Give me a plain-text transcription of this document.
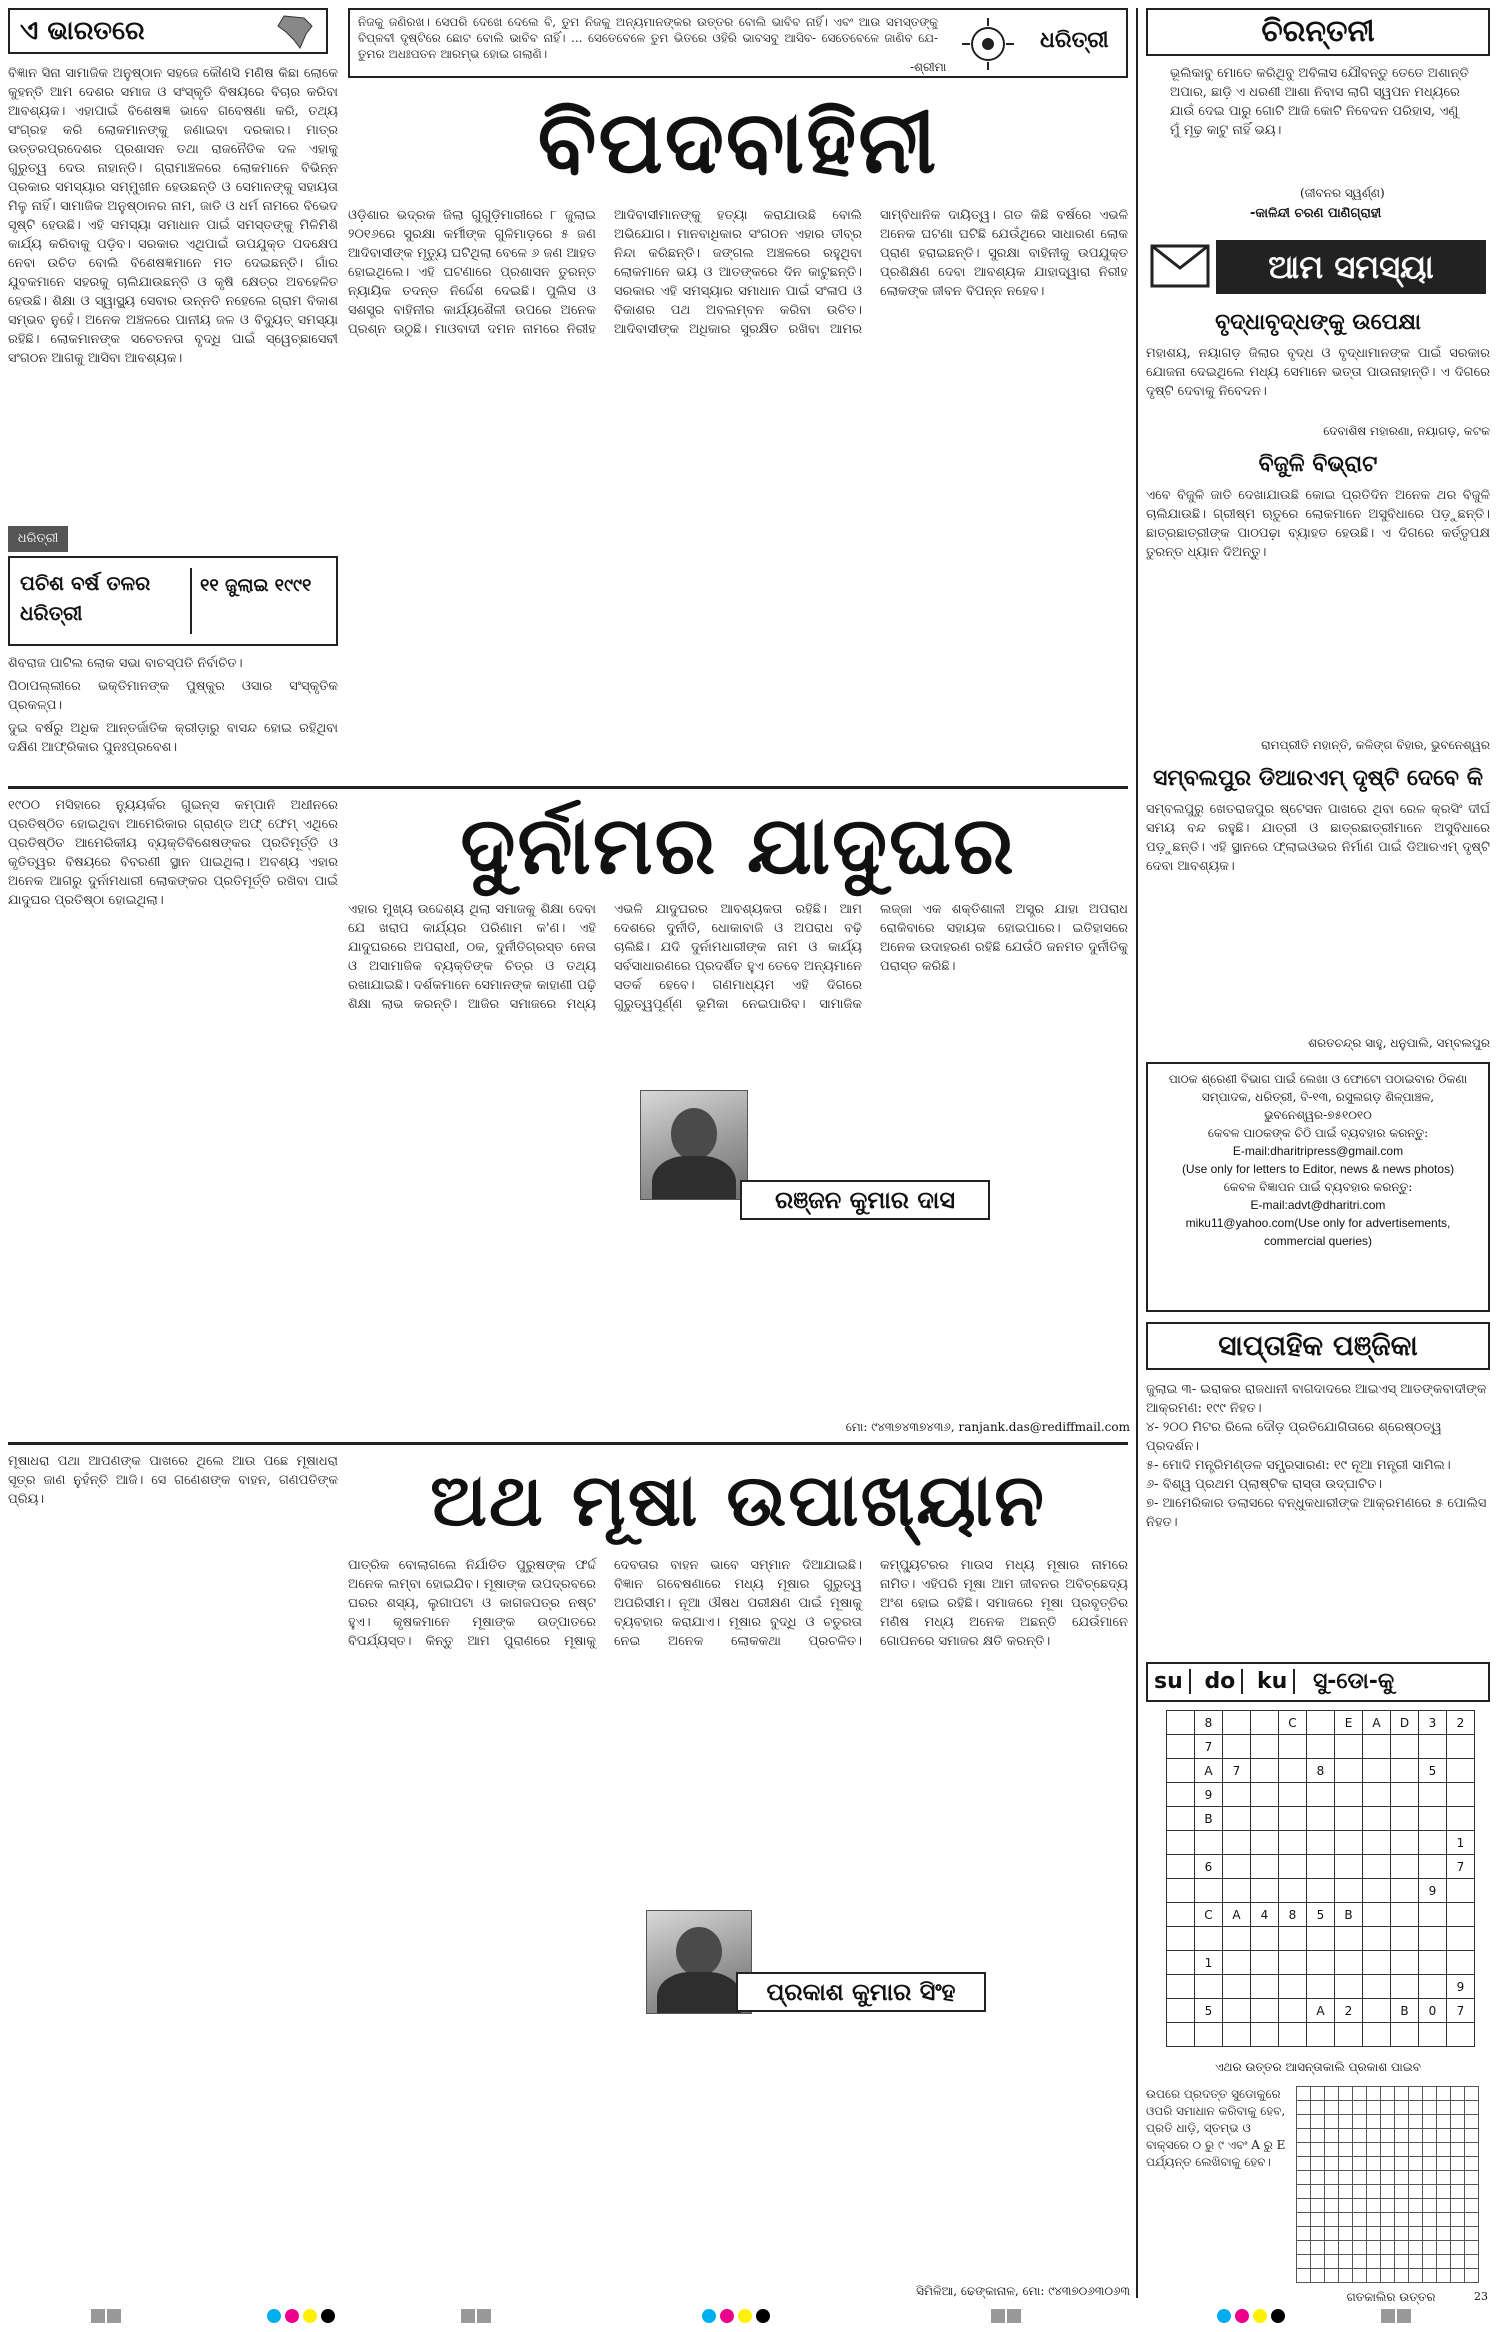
ଏ ଭାରତରେ
ବିଜ୍ଞାନ ସିନା ସାମାଜିକ ଅନୁଷ୍ଠାନ ସହଜେ କୌଣସି ମଣିଷ କିଛା ଲୋକେ କୁହନ୍ତି ଆମ ଦେଶର ସମାଜ ଓ ସଂସ୍କୃତି ବିଷୟରେ ବିଚାର କରିବା ଆବଶ୍ୟକ। ଏହାପାଇଁ ବିଶେଷଜ୍ଞ ଭାବେ ଗବେଷଣା କରି, ତଥ୍ୟ ସଂଗ୍ରହ କରି ଲୋକମାନଙ୍କୁ ଜଣାଇବା ଦରକାର। ମାତ୍ର ଉତ୍ତରପ୍ରଦେଶର ପ୍ରଶାସନ ତଥା ରାଜନୈତିକ ଦଳ ଏହାକୁ ଗୁରୁତ୍ୱ ଦେଉ ନାହାନ୍ତି। ଗ୍ରାମାଞ୍ଚଳରେ ଲୋକମାନେ ବିଭିନ୍ନ ପ୍ରକାର ସମସ୍ୟାର ସମ୍ମୁଖୀନ ହେଉଛନ୍ତି ଓ ସେମାନଙ୍କୁ ସହାୟତା ମିଳୁ ନାହିଁ। ସାମାଜିକ ଅନୁଷ୍ଠାନର ନାମ, ଜାତି ଓ ଧର୍ମ ନାମରେ ବିଭେଦ ସୃଷ୍ଟି ହେଉଛି। ଏହି ସମସ୍ୟା ସମାଧାନ ପାଇଁ ସମସ୍ତଙ୍କୁ ମିଳିମିଶି କାର୍ଯ୍ୟ କରିବାକୁ ପଡ଼ିବ। ସରକାର ଏଥିପାଇଁ ଉପଯୁକ୍ତ ପଦକ୍ଷେପ ନେବା ଉଚିତ ବୋଲି ବିଶେଷଜ୍ଞମାନେ ମତ ଦେଇଛନ୍ତି। ଗାଁର ଯୁବକମାନେ ସହରକୁ ଚାଲିଯାଉଛନ୍ତି ଓ କୃଷି କ୍ଷେତ୍ର ଅବହେଳିତ ହେଉଛି। ଶିକ୍ଷା ଓ ସ୍ୱାସ୍ଥ୍ୟ ସେବାର ଉନ୍ନତି ନହେଲେ ଗ୍ରାମ ବିକାଶ ସମ୍ଭବ ନୁହେଁ। ଅନେକ ଅଞ୍ଚଳରେ ପାନୀୟ ଜଳ ଓ ବିଦ୍ୟୁତ୍ ସମସ୍ୟା ରହିଛି। ଲୋକମାନଙ୍କ ସଚେତନତା ବୃଦ୍ଧି ପାଇଁ ସ୍ୱେଚ୍ଛାସେବୀ ସଂଗଠନ ଆଗକୁ ଆସିବା ଆବଶ୍ୟକ।
ଧରିତ୍ରୀ
ପଚିଶ ବର୍ଷ ତଳର ଧରିତ୍ରୀ
୧୧ ଜୁଲାଇ ୧୯୯୧
ଶିବରାଜ ପାଟିଲ ଲୋକ ସଭା ବାଚସ୍ପତି ନିର୍ବାଚିତ।
ପିଠାପଲ୍ଲୀରେ ଭକ୍ତିମାନଙ୍କ ପୁଷ୍କୁର ଓସାର ସଂସ୍କୃତିକ ପ୍ରକଳ୍ପ।
ଦୁଇ ବର୍ଷରୁ ଅଧିକ ଆନ୍ତର୍ଜାତିକ କ୍ରୀଡ଼ାରୁ ବାସନ୍ଦ ହୋଇ ରହିଥିବା ଦକ୍ଷିଣ ଆଫ୍ରିକାର ପୁନଃପ୍ରବେଶ।
ନିଜକୁ ଜଣିରଖ। ସେପରି ଦେଖେ ଦେଲେ ବି, ତୁମ ନିଜକୁ ଅନ୍ୟମାନଙ୍କର ଉତ୍ତର ବୋଲି ଭାବିବ ନାହିଁ। ଏବଂ ଆଉ ସମସ୍ତଙ୍କୁ ବିପ୍ଳବୀ ଦୃଷ୍ଟିରେ ଛୋଟ ବୋଲି ଭାବିବ ନାହିଁ। ... ସେତେବେଳେ ତୁମ ଭିତରେ ଓହିରି ଭାବସବୁ ଆସିବ- ସେତେବେଳେ ଜାଣିବ ଯେ- ତୁମର ଅଧଃପତନ ଆରମ୍ଭ ହୋଇ ଗଲାଣି।
-ଶ୍ରୀମା
ଧରିତ୍ରୀ
ବିପଦବାହିନୀ
ଓଡ଼ିଶାର ଭଦ୍ରକ ଜିଲା ଗୁଗୁଡ଼ିମାରୀରେ ୮ ଜୁଲାଇ ୨୦୧୬ରେ ସୁରକ୍ଷା କର୍ମୀଙ୍କ ଗୁଳିମାଡ଼ରେ ୫ ଜଣ ଆଦିବାସୀଙ୍କ ମୃତ୍ୟୁ ଘଟିଥିଲା ବେଳେ ୬ ଜଣ ଆହତ ହୋଇଥିଲେ। ଏହି ଘଟଣାରେ ପ୍ରଶାସନ ତୁରନ୍ତ ନ୍ୟାୟିକ ତଦନ୍ତ ନିର୍ଦ୍ଦେଶ ଦେଇଛି। ପୁଲିସ ଓ ସଶସ୍ତ୍ର ବାହିନୀର କାର୍ଯ୍ୟଶୈଳୀ ଉପରେ ଅନେକ ପ୍ରଶ୍ନ ଉଠୁଛି। ମାଓବାଦୀ ଦମନ ନାମରେ ନିରୀହ ଆଦିବାସୀମାନଙ୍କୁ ହତ୍ୟା କରାଯାଉଛି ବୋଲି ଅଭିଯୋଗ। ମାନବାଧିକାର ସଂଗଠନ ଏହାର ତୀବ୍ର ନିନ୍ଦା କରିଛନ୍ତି। ଜଙ୍ଗଲ ଅଞ୍ଚଳରେ ରହୁଥିବା ଲୋକମାନେ ଭୟ ଓ ଆତଙ୍କରେ ଦିନ କାଟୁଛନ୍ତି। ସରକାର ଏହି ସମସ୍ୟାର ସମାଧାନ ପାଇଁ ସଂଳାପ ଓ ବିକାଶର ପଥ ଅବଲମ୍ବନ କରିବା ଉଚିତ। ଆଦିବାସୀଙ୍କ ଅଧିକାର ସୁରକ୍ଷିତ ରଖିବା ଆମର ସାମ୍ବିଧାନିକ ଦାୟିତ୍ୱ। ଗତ କିଛି ବର୍ଷରେ ଏଭଳି ଅନେକ ଘଟଣା ଘଟିଛି ଯେଉଁଥିରେ ସାଧାରଣ ଲୋକ ପ୍ରାଣ ହରାଇଛନ୍ତି। ସୁରକ୍ଷା ବାହିନୀକୁ ଉପଯୁକ୍ତ ପ୍ରଶିକ୍ଷଣ ଦେବା ଆବଶ୍ୟକ ଯାହାଦ୍ୱାରା ନିରୀହ ଲୋକଙ୍କ ଜୀବନ ବିପନ୍ନ ନହେବ।
୧୯୦୦ ମସିହାରେ ନ୍ୟୁୟର୍କର ଗୁଇନ୍ସ କମ୍ପାନି ଅଧୀନରେ ପ୍ରତିଷ୍ଠିତ ହୋଇଥିବା ଆମେରିକାର ଗ୍ରାଣ୍ଡ ଅଫ୍ ଫେମ୍ ଏଥିରେ ପ୍ରତିଷ୍ଠିତ ଆମେରିକୀୟ ବ୍ୟକ୍ତିବିଶେଷଙ୍କର ପ୍ରତିମୂର୍ତ୍ତି ଓ କୃତିତ୍ୱର ବିଷୟରେ ବିବରଣୀ ସ୍ଥାନ ପାଇଥିଲା। ଅବଶ୍ୟ ଏହାର ଅନେକ ଆଗରୁ ଦୁର୍ନାମଧାରୀ ଲୋକଙ୍କର ପ୍ରତିମୂର୍ତ୍ତି ରଖିବା ପାଇଁ ଯାଦୁଘର ପ୍ରତିଷ୍ଠା ହୋଇଥିଲା।
ଦୁର୍ନାମର ଯାଦୁଘର
ଏହାର ମୁଖ୍ୟ ଉଦ୍ଦେଶ୍ୟ ଥିଲା ସମାଜକୁ ଶିକ୍ଷା ଦେବା ଯେ ଖରାପ କାର୍ଯ୍ୟର ପରିଣାମ କ'ଣ। ଏହି ଯାଦୁଘରରେ ଅପରାଧୀ, ଠକ, ଦୁର୍ନୀତିଗ୍ରସ୍ତ ନେତା ଓ ଅସାମାଜିକ ବ୍ୟକ୍ତିଙ୍କ ଚିତ୍ର ଓ ତଥ୍ୟ ରଖାଯାଇଛି। ଦର୍ଶକମାନେ ସେମାନଙ୍କ କାହାଣୀ ପଢ଼ି ଶିକ୍ଷା ଲାଭ କରନ୍ତି। ଆଜିର ସମାଜରେ ମଧ୍ୟ ଏଭଳି ଯାଦୁଘରର ଆବଶ୍ୟକତା ରହିଛି। ଆମ ଦେଶରେ ଦୁର୍ନୀତି, ଧୋକାବାଜି ଓ ଅପରାଧ ବଢ଼ି ଚାଲିଛି। ଯଦି ଦୁର୍ନାମଧାରୀଙ୍କ ନାମ ଓ କାର୍ଯ୍ୟ ସର୍ବସାଧାରଣରେ ପ୍ରଦର୍ଶିତ ହୁଏ ତେବେ ଅନ୍ୟମାନେ ସତର୍କ ହେବେ। ଗଣମାଧ୍ୟମ ଏହି ଦିଗରେ ଗୁରୁତ୍ୱପୂର୍ଣ୍ଣ ଭୂମିକା ନେଇପାରିବ। ସାମାଜିକ ଲଜ୍ଜା ଏକ ଶକ୍ତିଶାଳୀ ଅସ୍ତ୍ର ଯାହା ଅପରାଧ ରୋକିବାରେ ସହାୟକ ହୋଇପାରେ। ଇତିହାସରେ ଅନେକ ଉଦାହରଣ ରହିଛି ଯେଉଁଠି ଜନମତ ଦୁର୍ନୀତିକୁ ପରାସ୍ତ କରିଛି।
ରଞ୍ଜନ କୁମାର ଦାସ
ମୋ: ୯୪୩୭୪୩୭୪୩୬, ranjank.das@rediffmail.com
ମୂଷାଧରା ପଥା ଆପଣଙ୍କ ପାଖରେ ଥିଲେ ଆଉ ପଛେ ମୂଷାଧରା ସୂତ୍ର ଜାଣ ନୁହଁନ୍ତି ଆଜି। ସେ ଗଣେଶଙ୍କ ବାହନ, ଗଣପତିଙ୍କ ପ୍ରିୟ।	ଅଥ ମୂଷା ଉପାଖ୍ୟାନ
ପାତ୍ରିକ ବୋଲାଗଲେ ନିର୍ଯାତିତ ପୁରୁଷଙ୍କ ଫର୍ଦ୍ଦ ଅନେକ ଲମ୍ବା ହୋଇଯିବ। ମୂଷାଙ୍କ ଉପଦ୍ରବରେ ଘରର ଶସ୍ୟ, ଲୁଗାପଟା ଓ କାଗଜପତ୍ର ନଷ୍ଟ ହୁଏ। କୃଷକମାନେ ମୂଷାଙ୍କ ଉତ୍ପାତରେ ବିପର୍ଯ୍ୟସ୍ତ। କିନ୍ତୁ ଆମ ପୁରାଣରେ ମୂଷାକୁ ଦେବତାର ବାହନ ଭାବେ ସମ୍ମାନ ଦିଆଯାଇଛି। ବିଜ୍ଞାନ ଗବେଷଣାରେ ମଧ୍ୟ ମୂଷାର ଗୁରୁତ୍ୱ ଅପରିସୀମ। ନୂଆ ଔଷଧ ପରୀକ୍ଷଣ ପାଇଁ ମୂଷାକୁ ବ୍ୟବହାର କରାଯାଏ। ମୂଷାର ବୁଦ୍ଧି ଓ ଚତୁରତା ନେଇ ଅନେକ ଲୋକକଥା ପ୍ରଚଳିତ। କମ୍ପ୍ୟୁଟରର ମାଉସ ମଧ୍ୟ ମୂଷାର ନାମରେ ନାମିତ। ଏହିପରି ମୂଷା ଆମ ଜୀବନର ଅବିଚ୍ଛେଦ୍ୟ ଅଂଶ ହୋଇ ରହିଛି। ସମାଜରେ ମୂଷା ପ୍ରବୃତ୍ତିର ମଣିଷ ମଧ୍ୟ ଅନେକ ଅଛନ୍ତି ଯେଉଁମାନେ ଗୋପନରେ ସମାଜର କ୍ଷତି କରନ୍ତି।
ପ୍ରକାଶ କୁମାର ସିଂହ
ସିମିଳିଆ, ଢେଙ୍କାନାଳ, ମୋ: ୯୪୩୭୦୬୩୦୬୩
ଚିରନ୍ତନୀ
ଭୂଲିକାବୁ ମୋତେ କରିଥିବୁ ଅବିଳାସ ଯୌବନ୍ତୁ ତେତେ ଅଶାନ୍ତି ଅପାର, ଛାଡ଼ି ଏ ଧରଣୀ ଆଶା ନିବାସ ଲାଗି ସ୍ୱପନ ମଧ୍ୟରେ ଯାଉଁ ଦେଇ ପାରୁ ଗୋଟି ଆଜି କୋଟି ନିବେଦନ ପରିହାସ, ଏଣୁ ମୁଁ ମୂଢ଼ କାଟୁ ନାହିଁ ଭୟ।
(ଜୀବନର ସ୍ୱର୍ଣ୍ଣ)
-କାଳିନ୍ଦୀ ଚରଣ ପାଣିଗ୍ରାହୀ
ଆମ ସମସ୍ୟା
ବୃଦ୍ଧାବୃଦ୍ଧଙ୍କୁ ଉପେକ୍ଷା
ମହାଶୟ, ନୟାଗଡ଼ ଜିଲାର ବୃଦ୍ଧ ଓ ବୃଦ୍ଧାମାନଙ୍କ ପାଇଁ ସରକାର ଯୋଜନା ଦେଇଥିଲେ ମଧ୍ୟ ସେମାନେ ଭତ୍ତା ପାଉନାହାନ୍ତି। ଏ ଦିଗରେ ଦୃଷ୍ଟି ଦେବାକୁ ନିବେଦନ।
ଦେବାଶିଷ ମହାରଣା, ନୟାଗଡ଼, କଟକ
ବିଜୁଳି ବିଭ୍ରାଟ
ଏବେ ବିଜୁଳି ଜାତି ଦେଖାଯାଉଛି କୋଇ ପ୍ରତିଦିନ ଅନେକ ଥର ବିଜୁଳି ଚାଲିଯାଉଛି। ଗ୍ରୀଷ୍ମ ଋତୁରେ ଲୋକମାନେ ଅସୁବିଧାରେ ପଡ଼ୁଛନ୍ତି। ଛାତ୍ରଛାତ୍ରୀଙ୍କ ପାଠପଢ଼ା ବ୍ୟାହତ ହେଉଛି। ଏ ଦିଗରେ କର୍ତ୍ତୃପକ୍ଷ ତୁରନ୍ତ ଧ୍ୟାନ ଦିଅନ୍ତୁ।
ରାମପ୍ରୀତି ମହାନ୍ତି, କଳିଙ୍ଗ ବିହାର, ଭୁବନେଶ୍ୱର
ସମ୍ବଲପୁର ଡିଆରଏମ୍ ଦୃଷ୍ଟି ଦେବେ କି
ସମ୍ବଲପୁରୁ ଖେତରାଜପୁର ଷ୍ଟେସନ ପାଖରେ ଥିବା ରେଳ କ୍ରସିଂ ଦୀର୍ଘ ସମୟ ବନ୍ଦ ରହୁଛି। ଯାତ୍ରୀ ଓ ଛାତ୍ରଛାତ୍ରୀମାନେ ଅସୁବିଧାରେ ପଡ଼ୁଛନ୍ତି। ଏହି ସ୍ଥାନରେ ଫ୍ଲାଇଓଭର ନିର୍ମାଣ ପାଇଁ ଡିଆରଏମ୍ ଦୃଷ୍ଟି ଦେବା ଆବଶ୍ୟକ।
ଶରତଚନ୍ଦ୍ର ସାହୁ, ଧନୁପାଲି, ସମ୍ବଲପୁର
ପାଠକ ଶ୍ରେଣୀ ବିଭାଗ ପାଇଁ ଲେଖା ଓ ଫୋଟୋ ପଠାଇବାର ଠିକଣା
ସମ୍ପାଦକ, ଧରିତ୍ରୀ, ବି-୧୩, ରସୁଲଗଡ଼ ଶିଳ୍ପାଞ୍ଚଳ, ଭୁବନେଶ୍ୱର-୭୫୧୦୧୦
କେବଳ ପାଠକଙ୍କ ଚିଠି ପାଇଁ ବ୍ୟବହାର କରନ୍ତୁ:
E-mail:dharitripress@gmail.com
(Use only for letters to Editor, news & news photos)
କେବଳ ବିଜ୍ଞାପନ ପାଇଁ ବ୍ୟବହାର କରନ୍ତୁ:
E-mail:advt@dharitri.com
miku11@yahoo.com(Use only for advertisements, commercial queries)
ସାପ୍ତାହିକ ପଞ୍ଜିକା
ଜୁଲାଇ ୩- ଇରାକର ରାଜଧାନୀ ବାଗଦାଦରେ ଆଇଏସ୍ ଆତଙ୍କବାଦୀଙ୍କ ଆକ୍ରମଣ: ୧୯୯ ନିହତ।
୪- ୨୦୦ ମିଟର ରିଲେ ଦୌଡ଼ ପ୍ରତିଯୋଗିତାରେ ଶ୍ରେଷ୍ଠତ୍ୱ ପ୍ରଦର୍ଶନ।
୫- ମୋଦି ମନ୍ତ୍ରିମଣ୍ଡଳ ସମ୍ପ୍ରସାରଣ: ୧୯ ନୂଆ ମନ୍ତ୍ରୀ ସାମିଲ।
୬- ବିଶ୍ୱ ପ୍ରଥମ ପ୍ଲାଷ୍ଟିକ ରାସ୍ତା ଉଦ୍‌ଘାଟିତ।
୭- ଆମେରିକାର ଡଲାସରେ ବନ୍ଧୁକଧାରୀଙ୍କ ଆକ୍ରମଣରେ ୫ ପୋଲିସ ନିହତ।
su do ku ସୁ-ଡୋ-କୁ
	8			C		E	A	D	3	2
	7									
	A	7			8				5	
	9									
	B									
										1
	6									7
									9	
	C	A	4	8	5	B				

	1									
										9
	5				A	2		B	0	7

ଏଥର ଉତ୍ତର ଆସନ୍ତାକାଲି ପ୍ରକାଶ ପାଇବ
ଉପରେ ପ୍ରଦତ୍ତ ସୁଡୋକୁରେ ଓପରି ସମାଧାନ କରିବାକୁ ହେବ, ପ୍ରତି ଧାଡ଼ି, ସ୍ତମ୍ଭ ଓ ବାକ୍ସରେ ୦ ରୁ ୯ ଏବଂ A ରୁ E ପର୍ଯ୍ୟନ୍ତ ଲେଖିବାକୁ ହେବ।

ଗତକାଲିର ଉତ୍ତର	23
